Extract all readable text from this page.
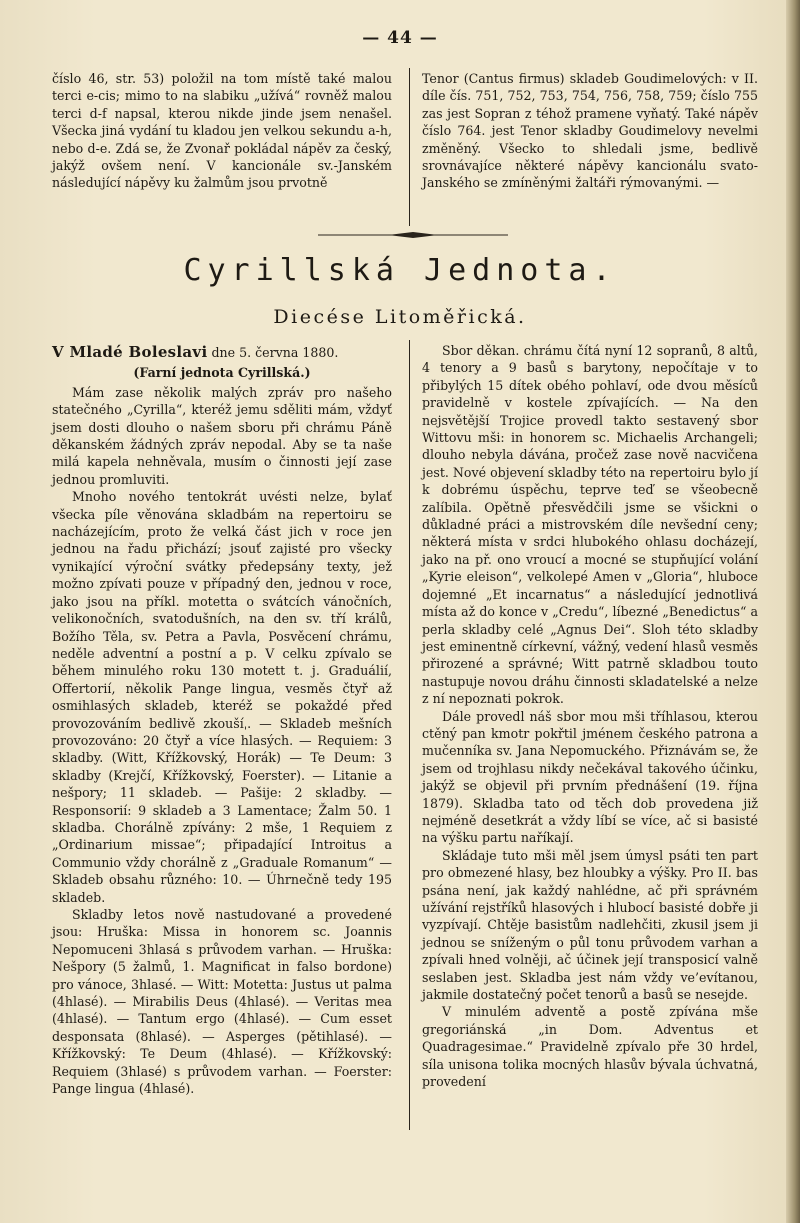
— 44 —

číslo 46, str. 53) položil na tom místě také malou terci e-cis; mimo to na slabiku „užívá“ rovněž malou terci d-f napsal, kterou nikde jinde jsem nenašel. Všecka jiná vydání tu kladou jen velkou sekundu a-h, nebo d-e. Zdá se, že Zvonař pokládal nápěv za český, jakýž ovšem není. V kancionále sv.-Janském následující nápěvy ku žalmům jsou prvotně

Tenor (Cantus firmus) skladeb Goudimelových: v II. díle čís. 751, 752, 753, 754, 756, 758, 759; číslo 755 zas jest Sopran z téhož pramene vyňatý. Také nápěv číslo 764. jest Tenor skladby Goudimelovy nevelmi změněný. Všecko to shledali jsme, bedlivě srovnávajíce některé nápěvy kancionálu svato-Janského se zmíněnými žaltáři rýmovanými. —

Cyrillská Jednota.
Diecése Litoměřická.

V Mladé Boleslavi dne 5. června 1880.

(Farní jednota Cyrillská.)

Mám zase několik malých zpráv pro našeho statečného „Cyrilla“, kteréž jemu sděliti mám, vždyť jsem dosti dlouho o našem sboru při chrámu Páně děkanském žádných zpráv nepodal. Aby se ta naše milá kapela nehněvala, musím o činnosti její zase jednou promluviti.

Mnoho nového tentokrát uvésti nelze, bylať všecka píle věnována skladbám na repertoiru se nacházejícím, proto že velká část jich v roce jen jednou na řadu přichází; jsouť zajisté pro všecky vynikající výroční svátky předepsány texty, jež možno zpívati pouze v případný den, jednou v roce, jako jsou na příkl. motetta o svátcích vánočních, velikonočních, svatodušních, na den sv. tří králů, Božího Těla, sv. Petra a Pavla, Posvěcení chrámu, neděle adventní a postní a p. V celku zpívalo se během minulého roku 130 motett t. j. Graduálií, Offertorií, několik Pange lingua, vesměs čtyř až osmihlasých skladeb, kteréž se pokaždé před provozováním bedlivě zkoušíˌ. — Skladeb mešních provozováno: 20 čtyř a více hlasých. — Requiem: 3 skladby. (Witt, Křížkovský, Horák) — Te Deum: 3 skladby (Krejčí, Křížkovský, Foerster). — Litanie a nešpory; 11 skladeb. — Pašije: 2 skladby. — Responsorií: 9 skladeb a 3 Lamentace; Žalm 50. 1 skladba. Chorálně zpívány: 2 mše, 1 Requiem z „Ordinarium missae“; připadající Introitus a Communio vždy chorálně z „Graduale Romanum“ — Skladeb obsahu různého: 10. — Úhrnečně tedy 195 skladeb.

Skladby letos nově nastudované a provedené jsou: Hruška: Missa in honorem sc. Joannis Nepomuceni 3hlasá s průvodem varhan. — Hruška: Nešpory (5 žalmů, 1. Magnificat in falso bordone) pro vánoce, 3hlasé. — Witt: Motetta: Justus ut palma (4hlasé). — Mirabilis Deus (4hlasé). — Veritas mea (4hlasé). — Tantum ergo (4hlasé). — Cum esset desponsata (8hlasé). — Asperges (pětihlasé). — Křížkovský: Te Deum (4hlasé). — Křížkovský: Requiem (3hlasé) s průvodem varhan. — Foerster: Pange lingua (4hlasé).

Sbor děkan. chrámu čítá nyní 12 sopranů, 8 altů, 4 tenory a 9 basů s barytony, nepočítaje v to přibylých 15 dítek obého pohlaví, ode dvou měsíců pravidelně v kostele zpívajících. — Na den nejsvětější Trojice provedl takto sestavený sbor Wittovu mši: in honorem sc. Michaelis Archangeli; dlouho nebyla dávána, pročež zase nově nacvičena jest. Nové objevení skladby této na repertoiru bylo jí k dobrému úspěchu, teprve teď se všeobecně zalíbila. Opětně přesvědčili jsme se všickni o důkladné práci a mistrovském díle nevšední ceny; některá místa v srdci hlubokého ohlasu docházejí, jako na př. ono vroucí a mocné se stupňující volání „Kyrie eleison“, velkolepé Amen v „Gloria“, hluboce dojemné „Et incarnatus“ a následující jednotlivá místa až do konce v „Credu“, líbezné „Benedictus“ a perla skladby celé „Agnus Dei“. Sloh této skladby jest eminentně církevní, vážný, vedení hlasů vesměs přirozené a správné; Witt patrně skladbou touto nastupuje novou dráhu činnosti skladatelské a nelze z ní nepoznati pokrok.

Dále provedl náš sbor mou mši tříhlasou, kterou ctěný pan kmotr pokřtil jménem českého patrona a mučenníka sv. Jana Nepomuckého. Přiznávám se, že jsem od trojhlasu nikdy nečekával takového účinku, jakýž se objevil při prvním přednášení (19. října 1879). Skladba tato od těch dob provedena již nejméně desetkrát a vždy líbí se více, ač si basisté na výšku partu naříkají.

Skládaje tuto mši měl jsem úmysl psáti ten part pro obmezené hlasy, bez hloubky a výšky. Pro II. bas psána není, jak každý nahlédne, ač při správném užívání rejstříků hlasových i hlubocí basisté dobře ji vyzpívají. Chtěje basistům nadlehčiti, zkusil jsem ji jednou se sníženým o půl tonu průvodem varhan a zpívali hned volněji, ač účinek její transposicí valně seslaben jest. Skladba jest nám vždy ve’evítanou, jakmile dostatečný počet tenorů a basů se nesejde.

V minulém adventě a postě zpívána mše gregoriánská „in Dom. Adventus et Quadragesimae.“ Pravidelně zpívalo pře 30 hrdel, síla unisona tolika mocných hlasův bývala úchvatná, provedení
